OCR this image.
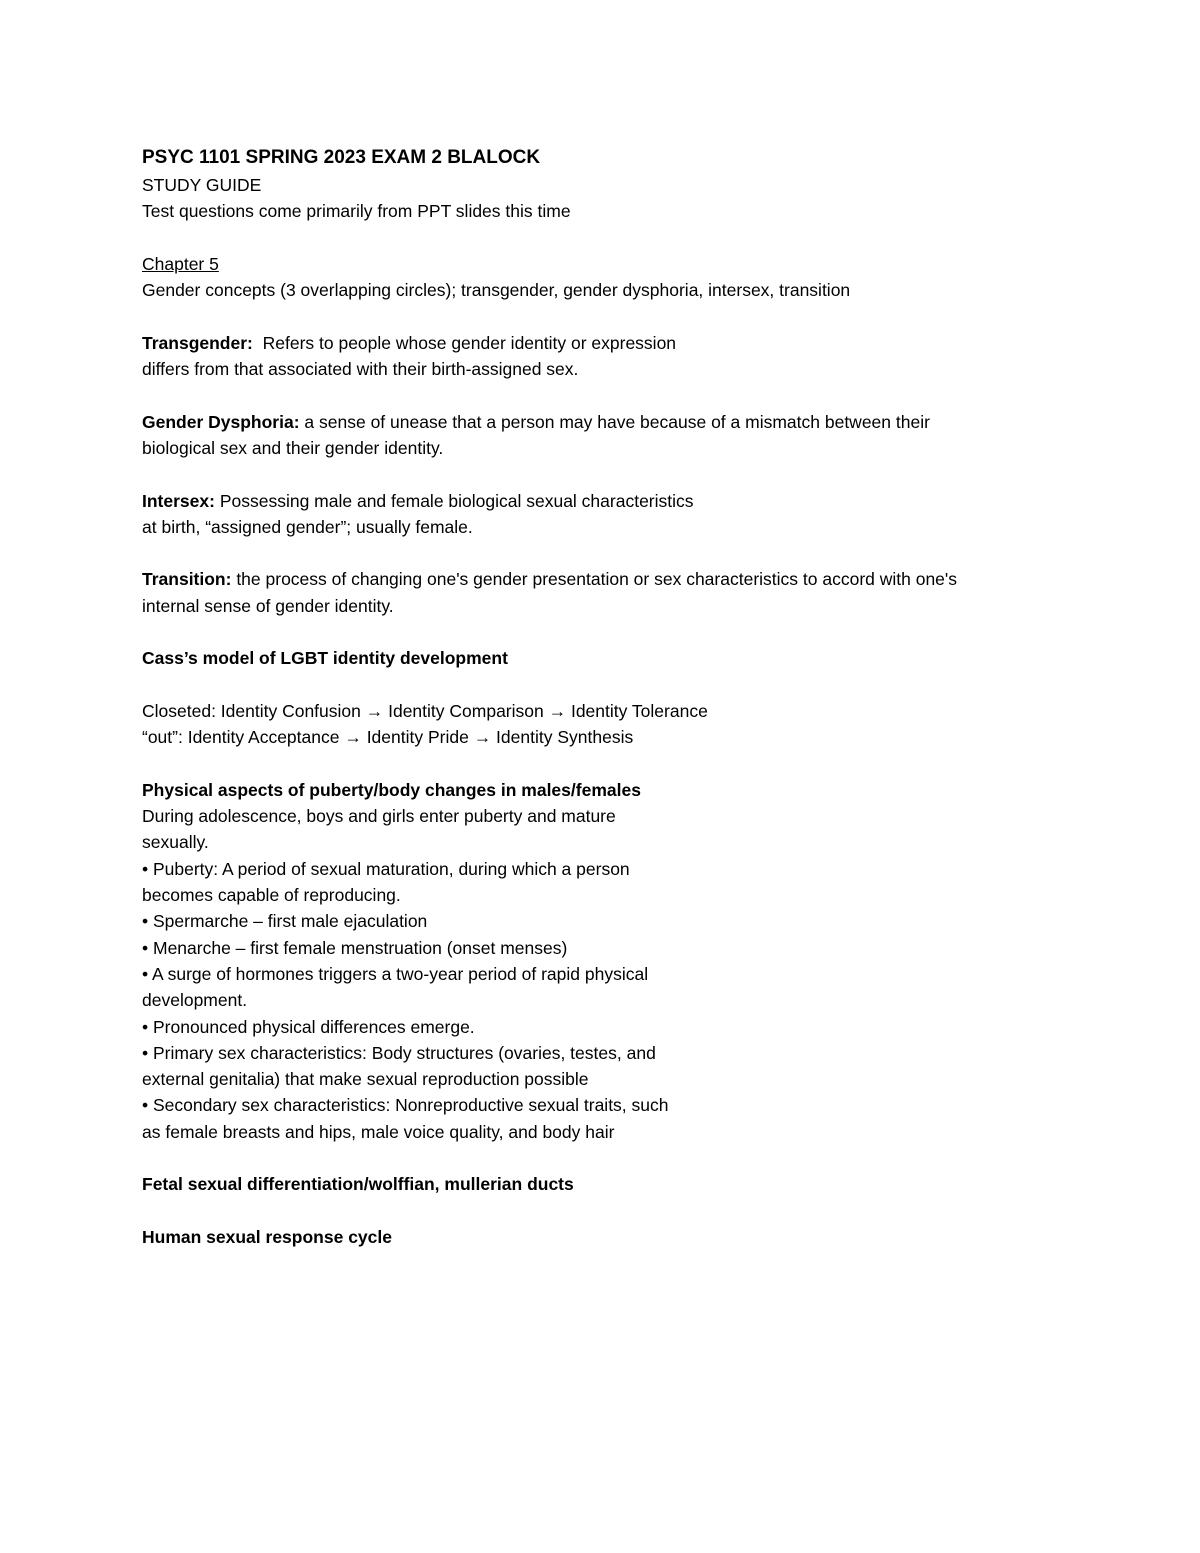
PSYC 1101 SPRING 2023 EXAM 2 BLALOCK

STUDY GUIDE

Test questions come primarily from PPT slides this time

Chapter 5

Gender concepts (3 overlapping circles); transgender, gender dysphoria, intersex, transition

Transgender:  Refers to people whose gender identity or expression

differs from that associated with their birth-assigned sex.

Gender Dysphoria: a sense of unease that a person may have because of a mismatch between their

biological sex and their gender identity.

Intersex: Possessing male and female biological sexual characteristics

at birth, “assigned gender”; usually female.

Transition: the process of changing one's gender presentation or sex characteristics to accord with one's

internal sense of gender identity.

Cass’s model of LGBT identity development

Closeted: Identity Confusion → Identity Comparison → Identity Tolerance

“out”: Identity Acceptance → Identity Pride → Identity Synthesis

Physical aspects of puberty/body changes in males/females

During adolescence, boys and girls enter puberty and mature

sexually.

• Puberty: A period of sexual maturation, during which a person

becomes capable of reproducing.

• Spermarche – first male ejaculation

• Menarche – first female menstruation (onset menses)

• A surge of hormones triggers a two-year period of rapid physical

development.

• Pronounced physical differences emerge.

• Primary sex characteristics: Body structures (ovaries, testes, and

external genitalia) that make sexual reproduction possible

• Secondary sex characteristics: Nonreproductive sexual traits, such

as female breasts and hips, male voice quality, and body hair

Fetal sexual differentiation/wolffian, mullerian ducts

Human sexual response cycle
